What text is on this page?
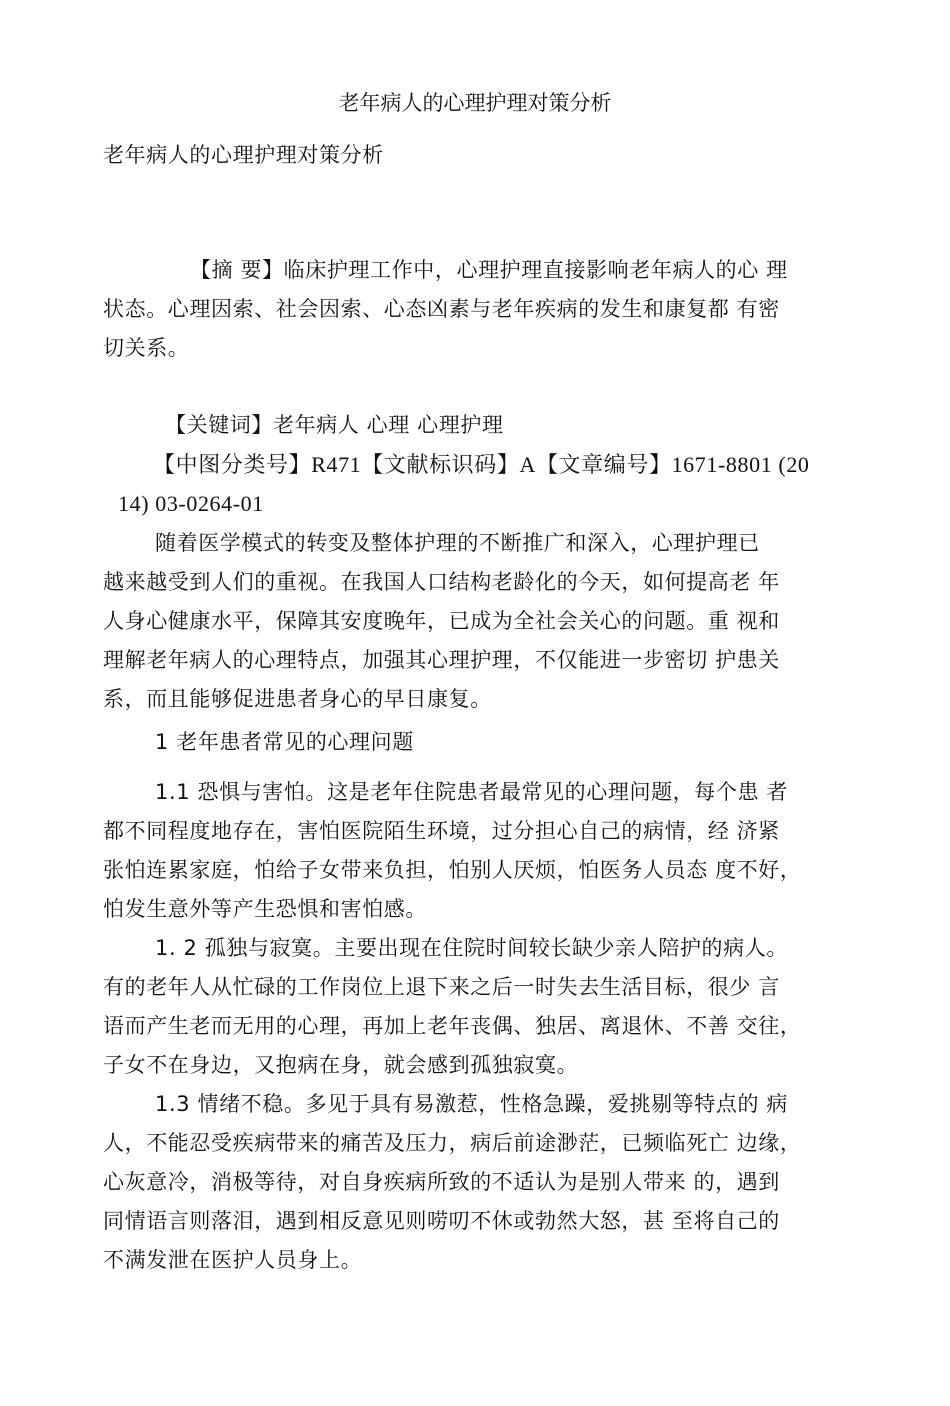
老年病人的心理护理对策分析
老年病人的心理护理对策分析
【摘 要】临床护理工作中，心理护理直接影响老年病人的心 理
状态。心理因索、社会因索、心态凶素与老年疾病的发生和康复都 有密
切关系。
【关键词】老年病人 心理 心理护理
【中图分类号】R471【文献标识码】A【文章编号】1671-8801 (20
14) 03-0264-01
随着医学模式的转变及整体护理的不断推广和深入，心理护理已
越来越受到人们的重视。在我国人口结构老龄化的今天，如何提高老 年
人身心健康水平，保障其安度晚年，已成为全社会关心的问题。重 视和
理解老年病人的心理特点，加强其心理护理，不仅能进一步密切 护患关
系，而且能够促进患者身心的早日康复。
1 老年患者常见的心理问题
1.1 恐惧与害怕。这是老年住院患者最常见的心理问题，每个患 者
都不同程度地存在，害怕医院陌生环境，过分担心自己的病情，经 济紧
张怕连累家庭，怕给子女带来负担，怕别人厌烦，怕医务人员态 度不好，
怕发生意外等产生恐惧和害怕感。
1. 2 孤独与寂寞。主要出现在住院时间较长缺少亲人陪护的病人。
有的老年人从忙碌的工作岗位上退下来之后一时失去生活目标，很少 言
语而产生老而无用的心理，再加上老年丧偶、独居、离退休、不善 交往，
子女不在身边，又抱病在身，就会感到孤独寂寞。
1.3 情绪不稳。多见于具有易激惹，性格急躁，爱挑剔等特点的 病
人，不能忍受疾病带来的痛苦及压力，病后前途渺茫，已频临死亡 边缘，
心灰意冷，消极等待，对自身疾病所致的不适认为是别人带来 的，遇到
同情语言则落泪，遇到相反意见则唠叨不休或勃然大怒，甚 至将自己的
不满发泄在医护人员身上。
